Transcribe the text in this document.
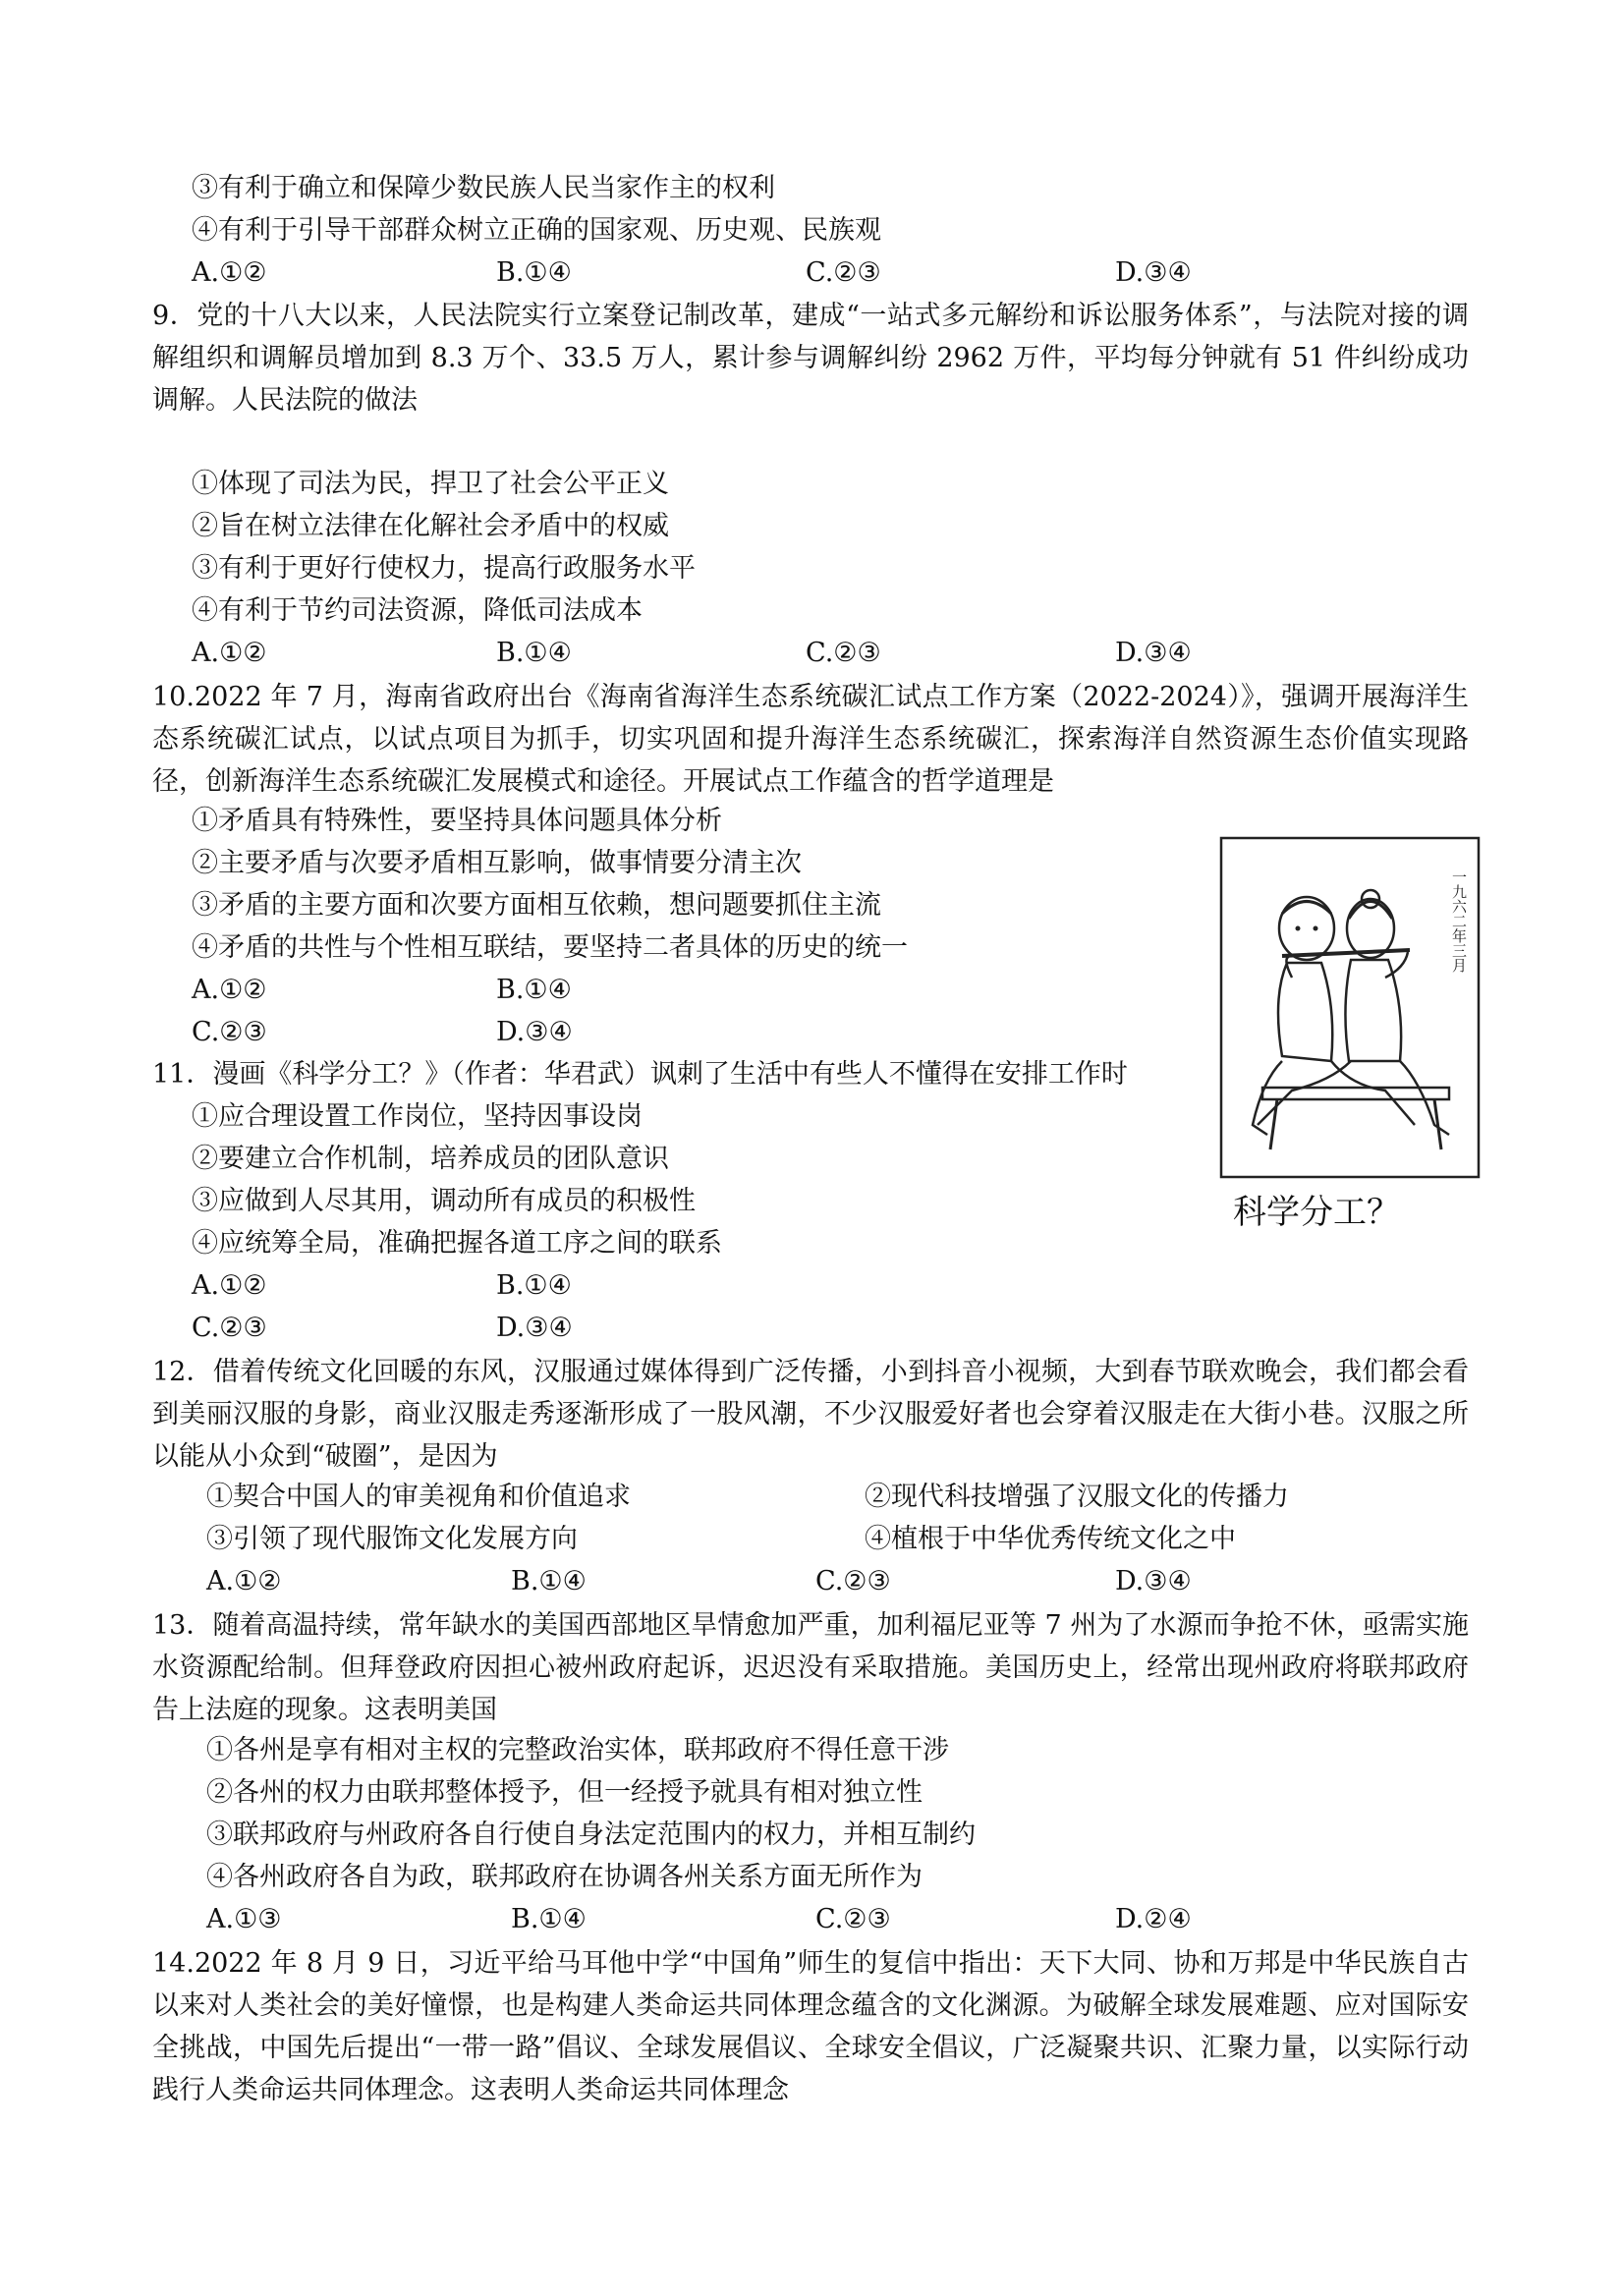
③有利于确立和保障少数民族人民当家作主的权利
④有利于引导干部群众树立正确的国家观、历史观、民族观
A.①②	B.①④	C.②③	D.③④
9．党的十八大以来，人民法院实行立案登记制改革，建成“一站式多元解纷和诉讼服务体系”，与法院对接的调解组织和调解员增加到 8.3 万个、33.5 万人，累计参与调解纠纷 2962 万件，平均每分钟就有 51 件纠纷成功调解。人民法院的做法
①体现了司法为民，捍卫了社会公平正义
②旨在树立法律在化解社会矛盾中的权威
③有利于更好行使权力，提高行政服务水平
④有利于节约司法资源，降低司法成本
A.①②	B.①④	C.②③	D.③④
10.2022 年 7 月，海南省政府出台《海南省海洋生态系统碳汇试点工作方案（2022-2024）》，强调开展海洋生态系统碳汇试点，以试点项目为抓手，切实巩固和提升海洋生态系统碳汇，探索海洋自然资源生态价值实现路径，创新海洋生态系统碳汇发展模式和途径。开展试点工作蕴含的哲学道理是
①矛盾具有特殊性，要坚持具体问题具体分析
②主要矛盾与次要矛盾相互影响，做事情要分清主次
③矛盾的主要方面和次要方面相互依赖，想问题要抓住主流
④矛盾的共性与个性相互联结，要坚持二者具体的历史的统一
A.①②	B.①④
C.②③	D.③④
11．漫画《科学分工？》（作者：华君武）讽刺了生活中有些人不懂得在安排工作时
①应合理设置工作岗位，坚持因事设岗
②要建立合作机制，培养成员的团队意识
③应做到人尽其用，调动所有成员的积极性
④应统筹全局，准确把握各道工序之间的联系
A.①②	B.①④
C.②③	D.③④
一九六二年三月
科学分工？
12．借着传统文化回暖的东风，汉服通过媒体得到广泛传播，小到抖音小视频，大到春节联欢晚会，我们都会看到美丽汉服的身影，商业汉服走秀逐渐形成了一股风潮，不少汉服爱好者也会穿着汉服走在大街小巷。汉服之所以能从小众到“破圈”，是因为
①契合中国人的审美视角和价值追求	②现代科技增强了汉服文化的传播力
③引领了现代服饰文化发展方向	④植根于中华优秀传统文化之中
A.①②	B.①④	C.②③	D.③④
13．随着高温持续，常年缺水的美国西部地区旱情愈加严重，加利福尼亚等 7 州为了水源而争抢不休，亟需实施水资源配给制。但拜登政府因担心被州政府起诉，迟迟没有采取措施。美国历史上，经常出现州政府将联邦政府告上法庭的现象。这表明美国
①各州是享有相对主权的完整政治实体，联邦政府不得任意干涉
②各州的权力由联邦整体授予，但一经授予就具有相对独立性
③联邦政府与州政府各自行使自身法定范围内的权力，并相互制约
④各州政府各自为政，联邦政府在协调各州关系方面无所作为
A.①③	B.①④	C.②③	D.②④
14.2022 年 8 月 9 日，习近平给马耳他中学“中国角”师生的复信中指出：天下大同、协和万邦是中华民族自古以来对人类社会的美好憧憬，也是构建人类命运共同体理念蕴含的文化渊源。为破解全球发展难题、应对国际安全挑战，中国先后提出“一带一路”倡议、全球发展倡议、全球安全倡议，广泛凝聚共识、汇聚力量，以实际行动践行人类命运共同体理念。这表明人类命运共同体理念
